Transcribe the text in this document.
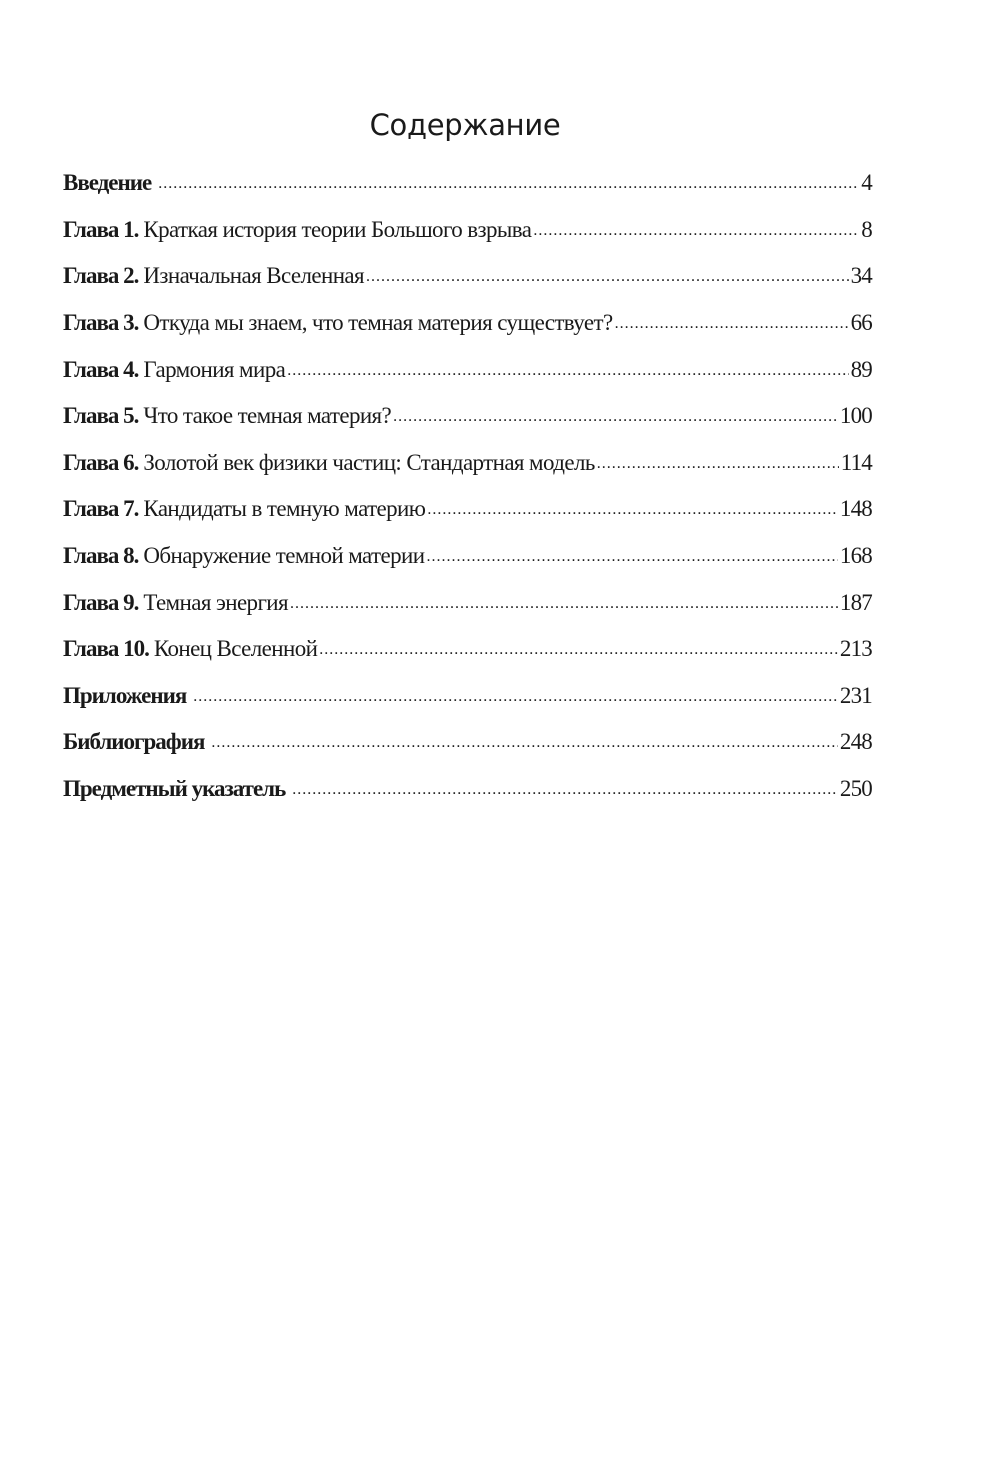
Содержание
Введение .....	4
Глава 1. Краткая история теории Большого взрыва .....	8
Глава 2. Изначальная Вселенная .....	34
Глава 3. Откуда мы знаем, что темная материя существует? .....	66
Глава 4. Гармония мира .....	89
Глава 5. Что такое темная материя? .....	100
Глава 6. Золотой век физики частиц: Стандартная модель .....	114
Глава 7. Кандидаты в темную материю .....	148
Глава 8. Обнаружение темной материи .....	168
Глава 9. Темная энергия .....	187
Глава 10. Конец Вселенной .....	213
Приложения .....	231
Библиография .....	248
Предметный указатель .....	250
